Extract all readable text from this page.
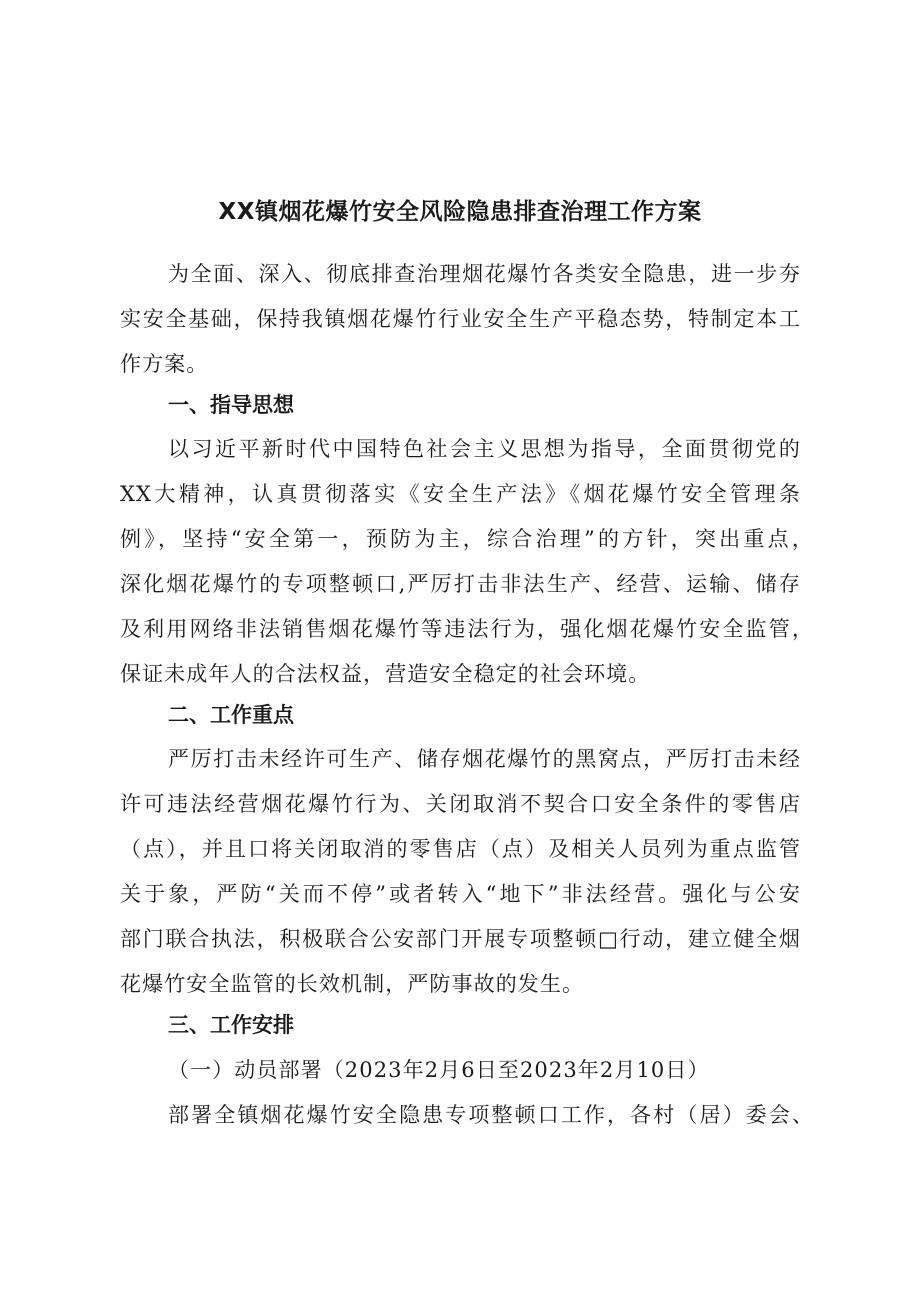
XX镇烟花爆竹安全风险隐患排查治理工作方案
为全面、深入、彻底排查治理烟花爆竹各类安全隐患，进一步夯
实安全基础，保持我镇烟花爆竹行业安全生产平稳态势，特制定本工
作方案。
一、指导思想
以习近平新时代中国特色社会主义思想为指导，全面贯彻党的
XX大精神，认真贯彻落实《安全生产法》《烟花爆竹安全管理条
例》，坚持“安全第一，预防为主，综合治理”的方针，突出重点，
深化烟花爆竹的专项整顿口,严厉打击非法生产、经营、运输、储存
及利用网络非法销售烟花爆竹等违法行为，强化烟花爆竹安全监管，
保证未成年人的合法权益，营造安全稳定的社会环境。
二、工作重点
严厉打击未经许可生产、储存烟花爆竹的黑窝点，严厉打击未经
许可违法经营烟花爆竹行为、关闭取消不契合口安全条件的零售店
（点），并且口将关闭取消的零售店（点）及相关人员列为重点监管
关于象，严防“关而不停”或者转入“地下”非法经营。强化与公安
部门联合执法，积极联合公安部门开展专项整顿□行动，建立健全烟
花爆竹安全监管的长效机制，严防事故的发生。
三、工作安排
（一）动员部署（2023年2月6日至2023年2月10日）
部署全镇烟花爆竹安全隐患专项整顿口工作，各村（居）委会、
